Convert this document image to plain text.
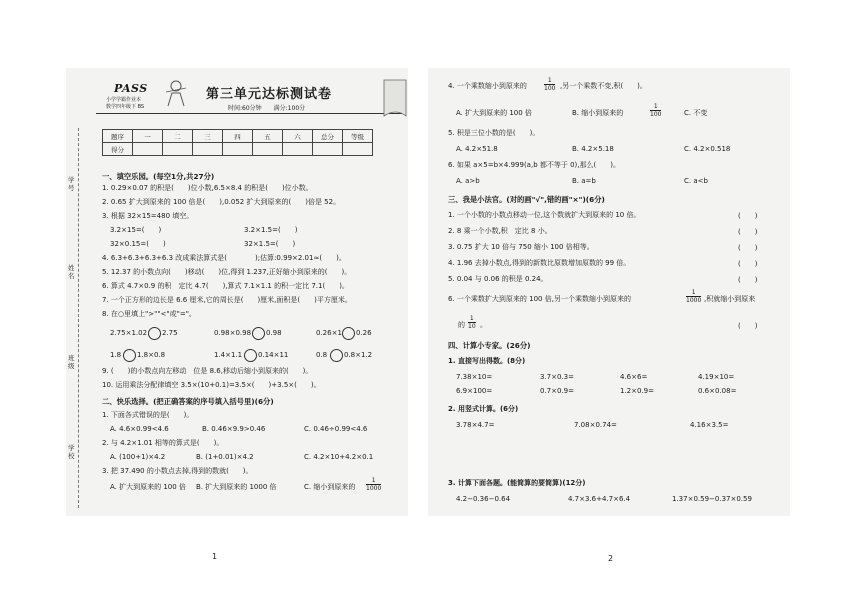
PASS
小学学霸作业本
数学四年级下 BS
第三单元达标测试卷
时间:60分钟　　满分:100分
题序	一	二	三	四	五	六	总分	等级
得分								
学号
姓名
班级
学校
一、填空乐园。(每空1分,共27分)
1. 0.29×0.07 的积是(　　)位小数,6.5×8.4 的积是(　　)位小数。
2. 0.65 扩大到原来的 100 倍是(　　),0.052 扩大到原来的(　　)倍是 52。
3. 根据 32×15=480 填空。
3.2×15=(　　)	3.2×1.5=(　　)
32×0.15=(　　)	32×1.5=(　　)
4. 6.3+6.3+6.3+6.3 改成乘法算式是(　　　　);估算:0.99×2.01≈(　　)。
5. 12.37 的小数点向(　　)移动(　　)位,得到 1.237,正好缩小到原来的(　　)。
6. 算式 4.7×0.9 的积　定比 4.7(　　),算式 7.1×1.1 的积一定比 7.1(　　)。
7. 一个正方形的边长是 6.6 厘米,它的周长是(　　)厘米,面积是(　　)平方厘米。
8. 在○里填上">""<"或"="。
2.75×1.02 2.75	0.98×0.98 0.98	0.26×1 0.26
1.8 1.8×0.8	1.4×1.1 0.14×11	0.8 0.8×1.2
9. (　　)的小数点向左移动　位是 8.6,移动后缩小到原来的(　　)。
10. 运用乘法分配律填空 3.5×(10+0.1)=3.5×(　　)+3.5×(　　)。
二、快乐选择。(把正确答案的序号填入括号里)(6分)
1. 下面各式错误的是(　　)。
A. 4.6×0.99<4.6	B. 0.46×9.9>0.46	C. 0.46÷0.99<4.6
2. 与 4.2×1.01 相等的算式是(　　)。
A. (100+1)×4.2	B. (1+0.01)×4.2	C. 4.2×10+4.2×0.1
3. 把 37.490 的小数点去掉,得到的数就(　　)。
A. 扩大到原来的 100 倍 B. 扩大到原来的 1000 倍	C. 缩小到原来的 $\frac{1}{1000}$
4. 一个乘数缩小到原来的	$\frac{1}{100}$ ,另一个乘数不变,积(　　)。
A. 扩大到原来的 100 倍	B. 缩小到原来的	$\frac{1}{100}$	C. 不变
5. 积是三位小数的是(　　)。
A. 4.2×51.8	B. 4.2×5.18	C. 4.2×0.518
6. 如果 a×5=b×4.999(a,b 都不等于 0),那么(　　)。
A. a>b	B. a=b	C. a<b
三、我是小法官。(对的画"√",错的画"×")(6分)
1. 一个小数的小数点移动一位,这个数就扩大到原来的 10 倍。	(　　)
2. 8 乘一个小数,积　定比 8 小。	(　　)
3. 0.75 扩大 10 倍与 750 缩小 100 倍相等。	(　　)
4. 1.96 去掉小数点,得到的新数比原数增加原数的 99 倍。	(　　)
5. 0.04 与 0.06 的积是 0.24。	(　　)
6. 一个乘数扩大到原来的 100 倍,另一个乘数缩小到原来的	$\frac{1}{1000}$ ,积就缩小到原来
的 $\frac{1}{10}$ 。	(　　)
四、计算小专家。(26分)
1. 直接写出得数。(8分)
7.38×10=	3.7×0.3=	4.6×6=	4.19×10=
6.9×100=	0.7×0.9=	1.2×0.9=	0.6×0.08=
2. 用竖式计算。(6分)
3.78×4.7=	7.08×0.74=	4.16×3.5=
3. 计算下面各题。(能简算的要简算)(12分)
4.2−0.36−0.64	4.7×3.6+4.7×6.4	1.37×0.59−0.37×0.59
1	2
